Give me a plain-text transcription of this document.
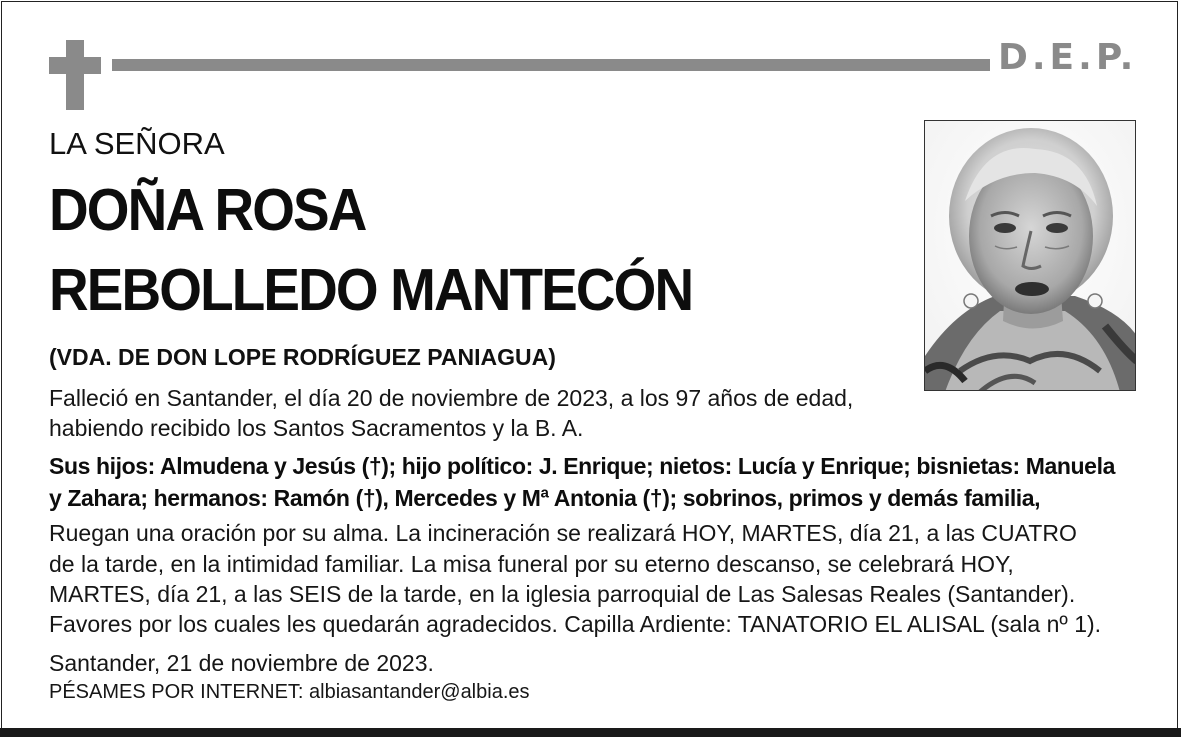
D.E.P.
LA SEÑORA
DOÑA ROSA
REBOLLEDO MANTECÓN
(VDA. DE DON LOPE RODRÍGUEZ PANIAGUA)
Falleció en Santander, el día 20 de noviembre de 2023, a los 97 años de edad,
habiendo recibido los Santos Sacramentos y la B. A.
Sus hijos: Almudena y Jesús (†); hijo político: J. Enrique; nietos: Lucía y Enrique; bisnietas: Manuela
y Zahara; hermanos: Ramón (†), Mercedes y Mª Antonia (†); sobrinos, primos y demás familia,
Ruegan una oración por su alma. La incineración se realizará HOY, MARTES, día 21, a las CUATRO
de la tarde, en la intimidad familiar. La misa funeral por su eterno descanso, se celebrará HOY,
MARTES, día 21, a las SEIS de la tarde, en la iglesia parroquial de Las Salesas Reales (Santander).
Favores por los cuales les quedarán agradecidos. Capilla Ardiente: TANATORIO EL ALISAL (sala nº 1).
Santander, 21 de noviembre de 2023.
PÉSAMES POR INTERNET: albiasantander@albia.es
